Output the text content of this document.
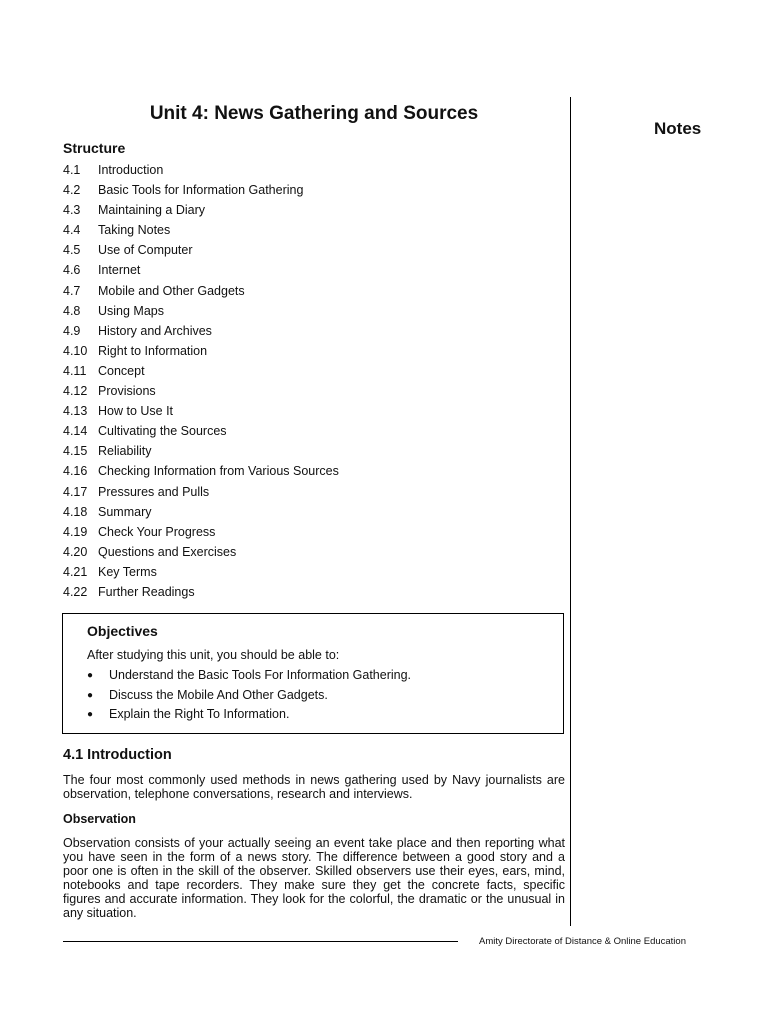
Unit 4: News Gathering and Sources
Notes
Structure
4.1 Introduction
4.2 Basic Tools for Information Gathering
4.3 Maintaining a Diary
4.4 Taking Notes
4.5 Use of Computer
4.6 Internet
4.7 Mobile and Other Gadgets
4.8 Using Maps
4.9 History and Archives
4.10 Right to Information
4.11 Concept
4.12 Provisions
4.13 How to Use It
4.14 Cultivating the Sources
4.15 Reliability
4.16 Checking Information from Various Sources
4.17 Pressures and Pulls
4.18 Summary
4.19 Check Your Progress
4.20 Questions and Exercises
4.21 Key Terms
4.22 Further Readings
Objectives
After studying this unit, you should be able to:
● Understand the Basic Tools For Information Gathering.
● Discuss the Mobile And Other Gadgets.
● Explain the Right To Information.
4.1 Introduction

The four most commonly used methods in news gathering used by Navy journalists are observation, telephone conversations, research and interviews.

Observation

Observation consists of your actually seeing an event take place and then reporting what you have seen in the form of a news story. The difference between a good story and a poor one is often in the skill of the observer. Skilled observers use their eyes, ears, mind, notebooks and tape recorders. They make sure they get the concrete facts, specific figures and accurate information. They look for the colorful, the dramatic or the unusual in any situation.

Amity Directorate of Distance & Online Education
